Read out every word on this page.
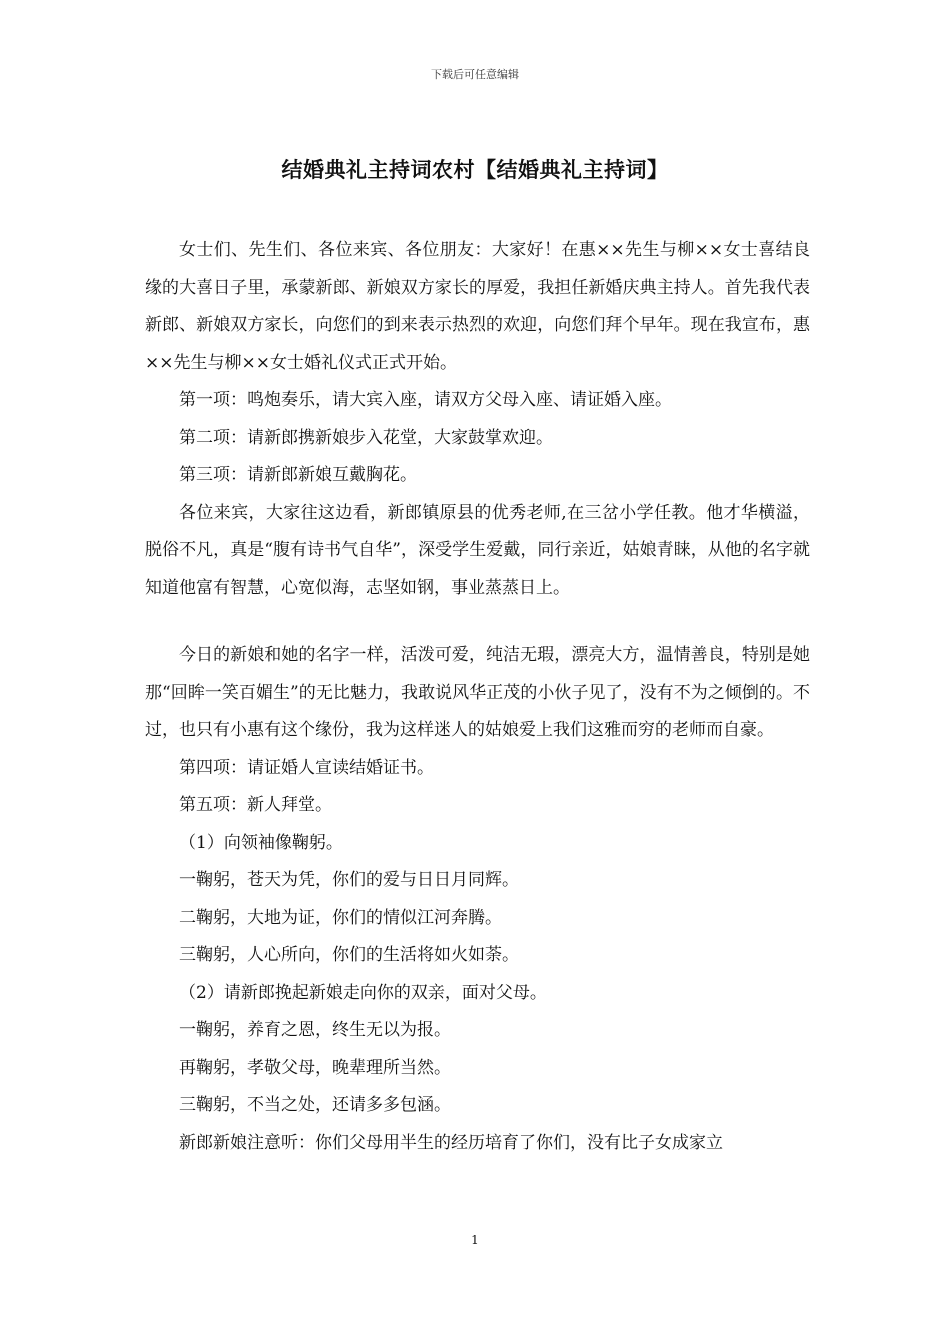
下载后可任意编辑
结婚典礼主持词农村【结婚典礼主持词】

女士们、先生们、各位来宾、各位朋友：大家好！在惠××先生与柳××女士喜结良缘的大喜日子里，承蒙新郎、新娘双方家长的厚爱，我担任新婚庆典主持人。首先我代表新郎、新娘双方家长，向您们的到来表示热烈的欢迎，向您们拜个早年。现在我宣布，惠××先生与柳××女士婚礼仪式正式开始。

第一项：鸣炮奏乐，请大宾入座，请双方父母入座、请证婚入座。

第二项：请新郎携新娘步入花堂，大家鼓掌欢迎。

第三项：请新郎新娘互戴胸花。

各位来宾，大家往这边看，新郎镇原县的优秀老师,在三岔小学任教。他才华横溢，脱俗不凡，真是“腹有诗书气自华”，深受学生爱戴，同行亲近，姑娘青睐，从他的名字就知道他富有智慧，心宽似海，志坚如钢，事业蒸蒸日上。

今日的新娘和她的名字一样，活泼可爱，纯洁无瑕，漂亮大方，温情善良，特别是她那“回眸一笑百媚生”的无比魅力，我敢说风华正茂的小伙子见了，没有不为之倾倒的。不过，也只有小惠有这个缘份，我为这样迷人的姑娘爱上我们这雅而穷的老师而自豪。

第四项：请证婚人宣读结婚证书。

第五项：新人拜堂。

（1）向领袖像鞠躬。

一鞠躬，苍天为凭，你们的爱与日日月同辉。

二鞠躬，大地为证，你们的情似江河奔腾。

三鞠躬，人心所向，你们的生活将如火如荼。

（2）请新郎挽起新娘走向你的双亲，面对父母。

一鞠躬，养育之恩，终生无以为报。

再鞠躬，孝敬父母，晚辈理所当然。

三鞠躬，不当之处，还请多多包涵。

新郎新娘注意听：你们父母用半生的经历培育了你们，没有比子女成家立

1
